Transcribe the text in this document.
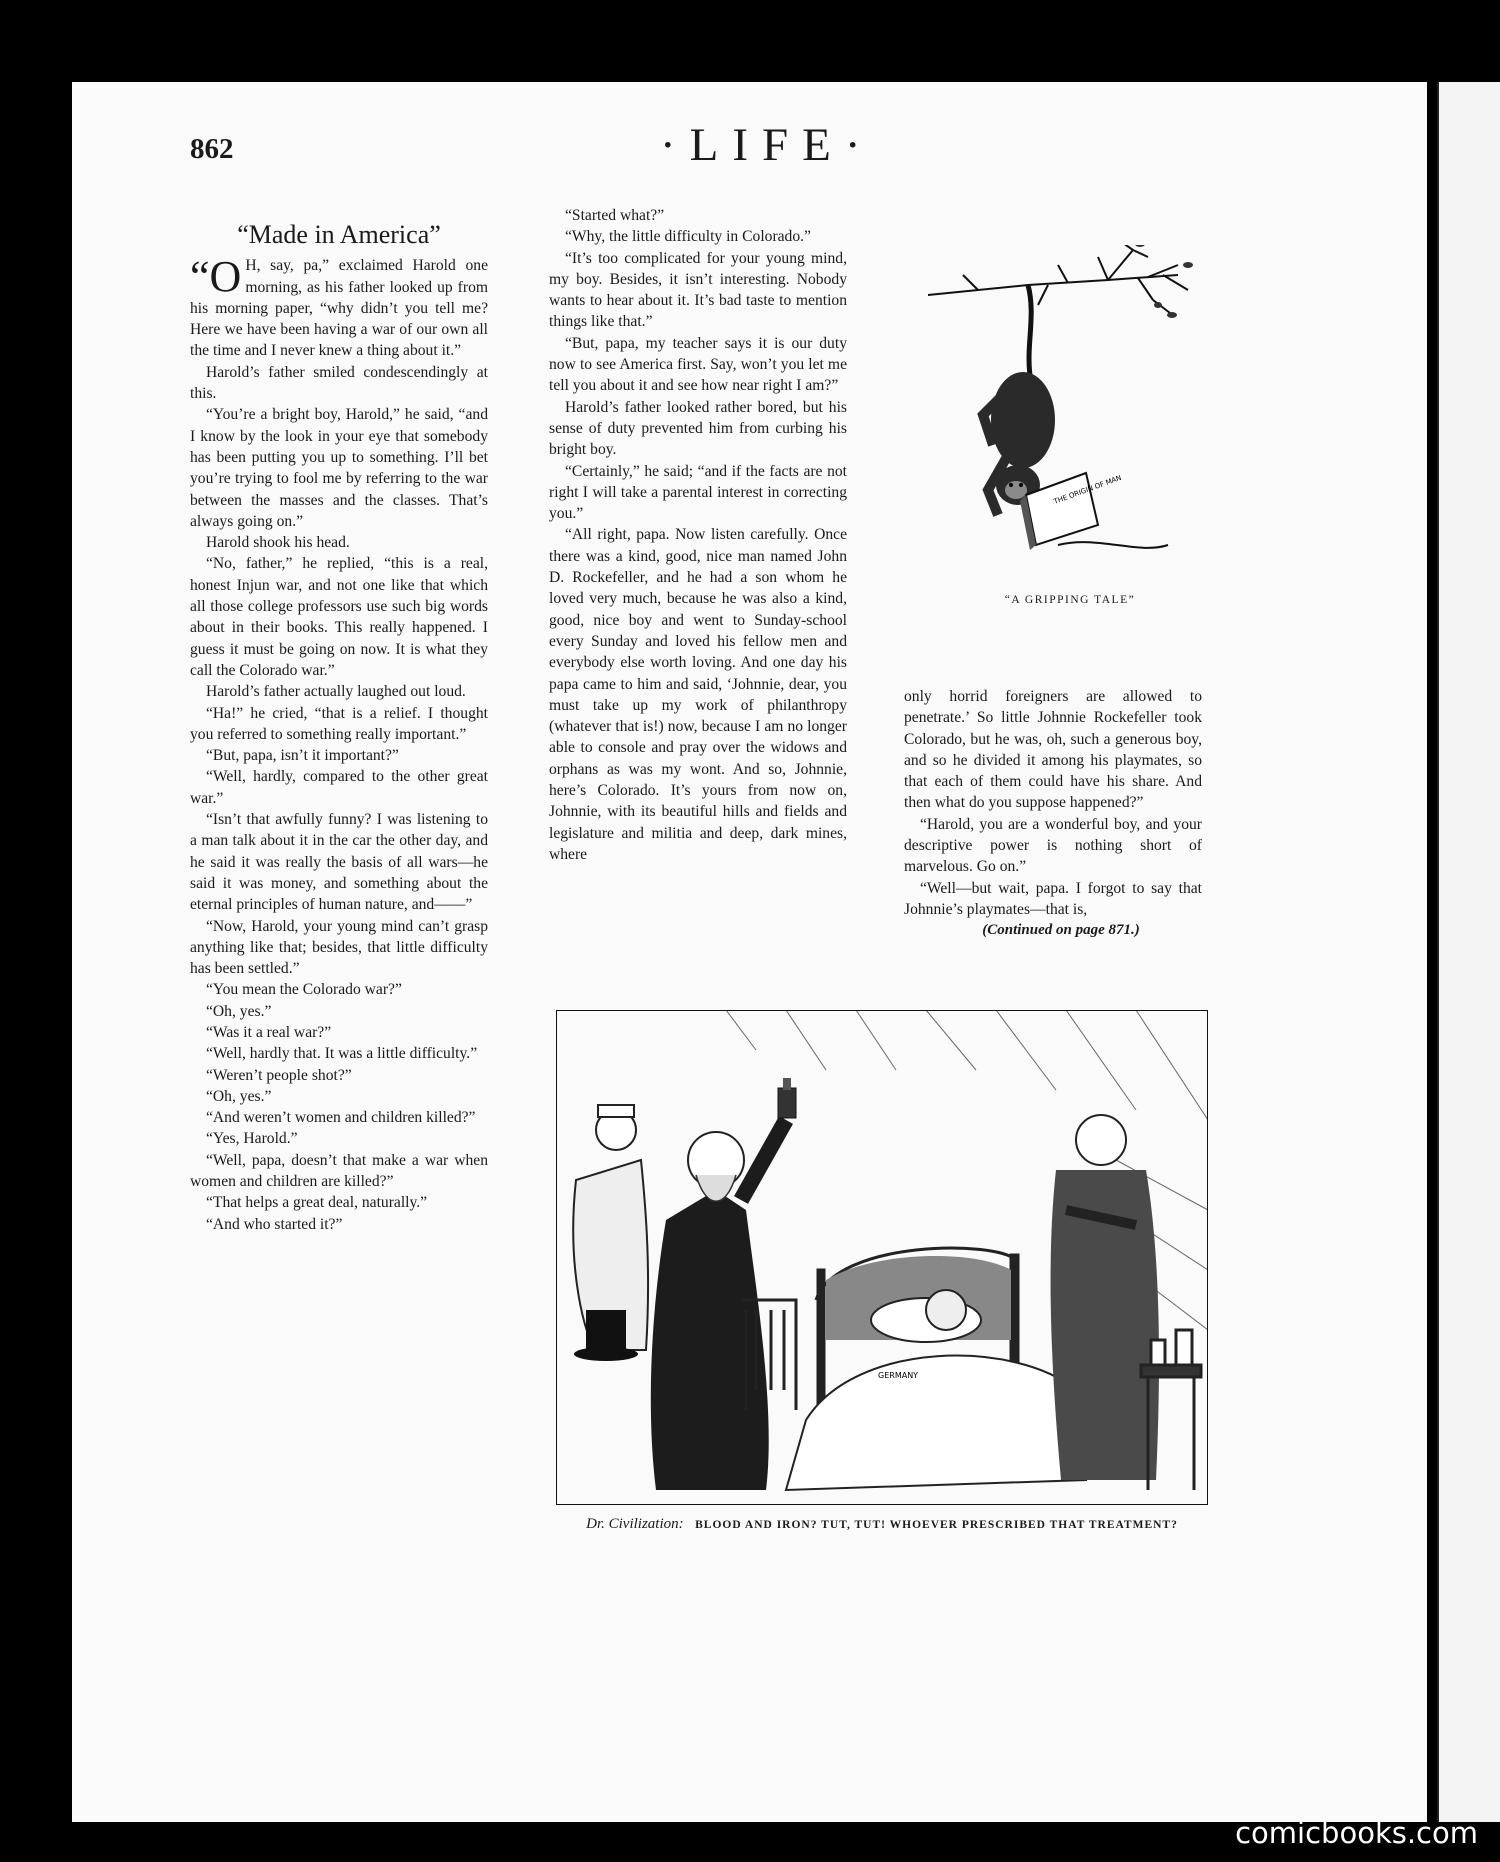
862	·LIFE·
“Made in America”

“O H, say, pa,” exclaimed Harold one morning, as his father looked up from his morning paper, “why didn’t you tell me? Here we have been having a war of our own all the time and I never knew a thing about it.”

Harold’s father smiled condescendingly at this.

“You’re a bright boy, Harold,” he said, “and I know by the look in your eye that somebody has been putting you up to something. I’ll bet you’re trying to fool me by referring to the war between the masses and the classes. That’s always going on.”

Harold shook his head.

“No, father,” he replied, “this is a real, honest Injun war, and not one like that which all those college professors use such big words about in their books. This really happened. I guess it must be going on now. It is what they call the Colorado war.”

Harold’s father actually laughed out loud.

“Ha!” he cried, “that is a relief. I thought you referred to something really important.”

“But, papa, isn’t it important?”

“Well, hardly, compared to the other great war.”

“Isn’t that awfully funny? I was listening to a man talk about it in the car the other day, and he said it was really the basis of all wars—he said it was money, and something about the eternal principles of human nature, and——”

“Now, Harold, your young mind can’t grasp anything like that; besides, that little difficulty has been settled.”

“You mean the Colorado war?”

“Oh, yes.”

“Was it a real war?”

“Well, hardly that. It was a little difficulty.”

“Weren’t people shot?”

“Oh, yes.”

“And weren’t women and children killed?”

“Yes, Harold.”

“Well, papa, doesn’t that make a war when women and children are killed?”

“That helps a great deal, naturally.”

“And who started it?”

“Started what?”

“Why, the little difficulty in Colorado.”

“It’s too complicated for your young mind, my boy. Besides, it isn’t interesting. Nobody wants to hear about it. It’s bad taste to mention things like that.”

“But, papa, my teacher says it is our duty now to see America first. Say, won’t you let me tell you about it and see how near right I am?”

Harold’s father looked rather bored, but his sense of duty prevented him from curbing his bright boy.

“Certainly,” he said; “and if the facts are not right I will take a parental interest in correcting you.”

“All right, papa. Now listen carefully. Once there was a kind, good, nice man named John D. Rockefeller, and he had a son whom he loved very much, because he was also a kind, good, nice boy and went to Sunday-school every Sunday and loved his fellow men and everybody else worth loving. And one day his papa came to him and said, ‘Johnnie, dear, you must take up my work of philanthropy (whatever that is!) now, because I am no longer able to console and pray over the widows and orphans as was my wont. And so, Johnnie, here’s Colorado. It’s yours from now on, Johnnie, with its beautiful hills and fields and legislature and militia and deep, dark mines, where

THE ORIGIN OF MAN
“A GRIPPING TALE”

only horrid foreigners are allowed to penetrate.’ So little Johnnie Rockefeller took Colorado, but he was, oh, such a generous boy, and so he divided it among his playmates, so that each of them could have his share. And then what do you suppose happened?”

“Harold, you are a wonderful boy, and your descriptive power is nothing short of marvelous. Go on.”

“Well—but wait, papa. I forgot to say that Johnnie’s playmates—that is,

(Continued on page 871.)

GERMANY
Dr. Civilization: BLOOD AND IRON? TUT, TUT! WHOEVER PRESCRIBED THAT TREATMENT?
comicbooks.com
